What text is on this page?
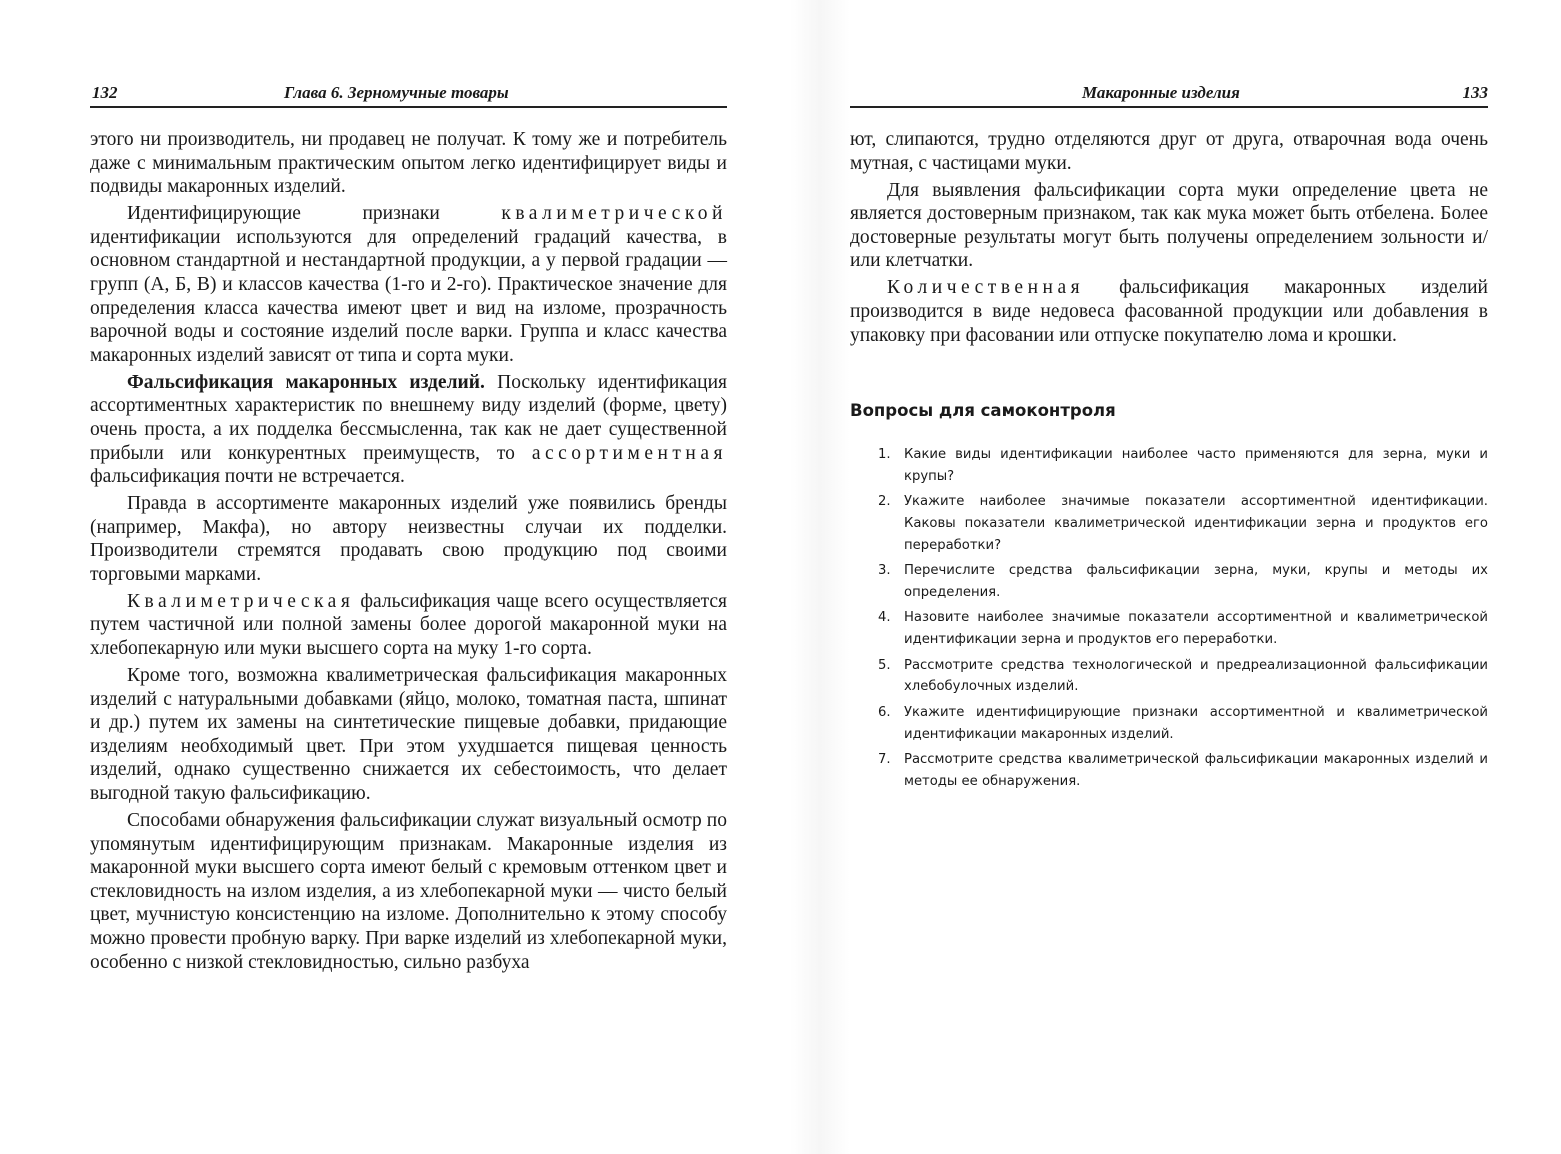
132	Глава 6. Зерномучные товары

этого ни производитель, ни продавец не получат. К тому же и потребитель даже с минимальным практическим опытом легко идентифицирует виды и подвиды макаронных изделий.

Идентифицирующие признаки квалиметрической идентификации используются для определений градаций качества, в основном стандартной и нестандартной продукции, а у первой градации — групп (А, Б, В) и классов качества (1-го и 2-го). Практическое значение для определения класса качества имеют цвет и вид на изломе, прозрачность варочной воды и состояние изделий после варки. Группа и класс качества макаронных изделий зависят от типа и сорта муки.

Фальсификация макаронных изделий. Поскольку идентификация ассортиментных характеристик по внешнему виду изделий (форме, цвету) очень проста, а их подделка бессмысленна, так как не дает существенной прибыли или конкурентных преимуществ, то ассортиментная фальсификация почти не встречается.

Правда в ассортименте макаронных изделий уже появились бренды (например, Макфа), но автору неизвестны случаи их подделки. Производители стремятся продавать свою продукцию под своими торговыми марками.

Квалиметрическая фальсификация чаще всего осуществляется путем частичной или полной замены более дорогой макаронной муки на хлебопекарную или муки высшего сорта на муку 1-го сорта.

Кроме того, возможна квалиметрическая фальсификация макаронных изделий с натуральными добавками (яйцо, молоко, томатная паста, шпинат и др.) путем их замены на синтетические пищевые добавки, придающие изделиям необходимый цвет. При этом ухудшается пищевая ценность изделий, однако существенно снижается их себестоимость, что делает выгодной такую фальсификацию.

Способами обнаружения фальсификации служат визуальный осмотр по упомянутым идентифицирующим признакам. Макаронные изделия из макаронной муки высшего сорта имеют белый с кремовым оттенком цвет и стекловидность на излом изделия, а из хлебопекарной муки — чисто белый цвет, мучнистую консистенцию на изломе. Дополнительно к этому способу можно провести пробную варку. При варке изделий из хлебопекарной муки, особенно с низкой стекловидностью, сильно разбуха

Макаронные изделия	133

ют, слипаются, трудно отделяются друг от друга, отварочная вода очень мутная, с частицами муки.

Для выявления фальсификации сорта муки определение цвета не является достоверным признаком, так как мука может быть отбелена. Более достоверные результаты могут быть получены определением зольности и/или клетчатки.

Количественная фальсификация макаронных изделий производится в виде недовеса фасованной продукции или добавления в упаковку при фасовании или отпуске покупателю лома и крошки.

Вопросы для самоконтроля
1. Какие виды идентификации наиболее часто применяются для зерна, муки и крупы?
2. Укажите наиболее значимые показатели ассортиментной идентификации. Каковы показатели квалиметрической идентификации зерна и продуктов его переработки?
3. Перечислите средства фальсификации зерна, муки, крупы и методы их определения.
4. Назовите наиболее значимые показатели ассортиментной и квалиметрической идентификации зерна и продуктов его переработки.
5. Рассмотрите средства технологической и предреализационной фальсификации хлебобулочных изделий.
6. Укажите идентифицирующие признаки ассортиментной и квалиметрической идентификации макаронных изделий.
7. Рассмотрите средства квалиметрической фальсификации макаронных изделий и методы ее обнаружения.
